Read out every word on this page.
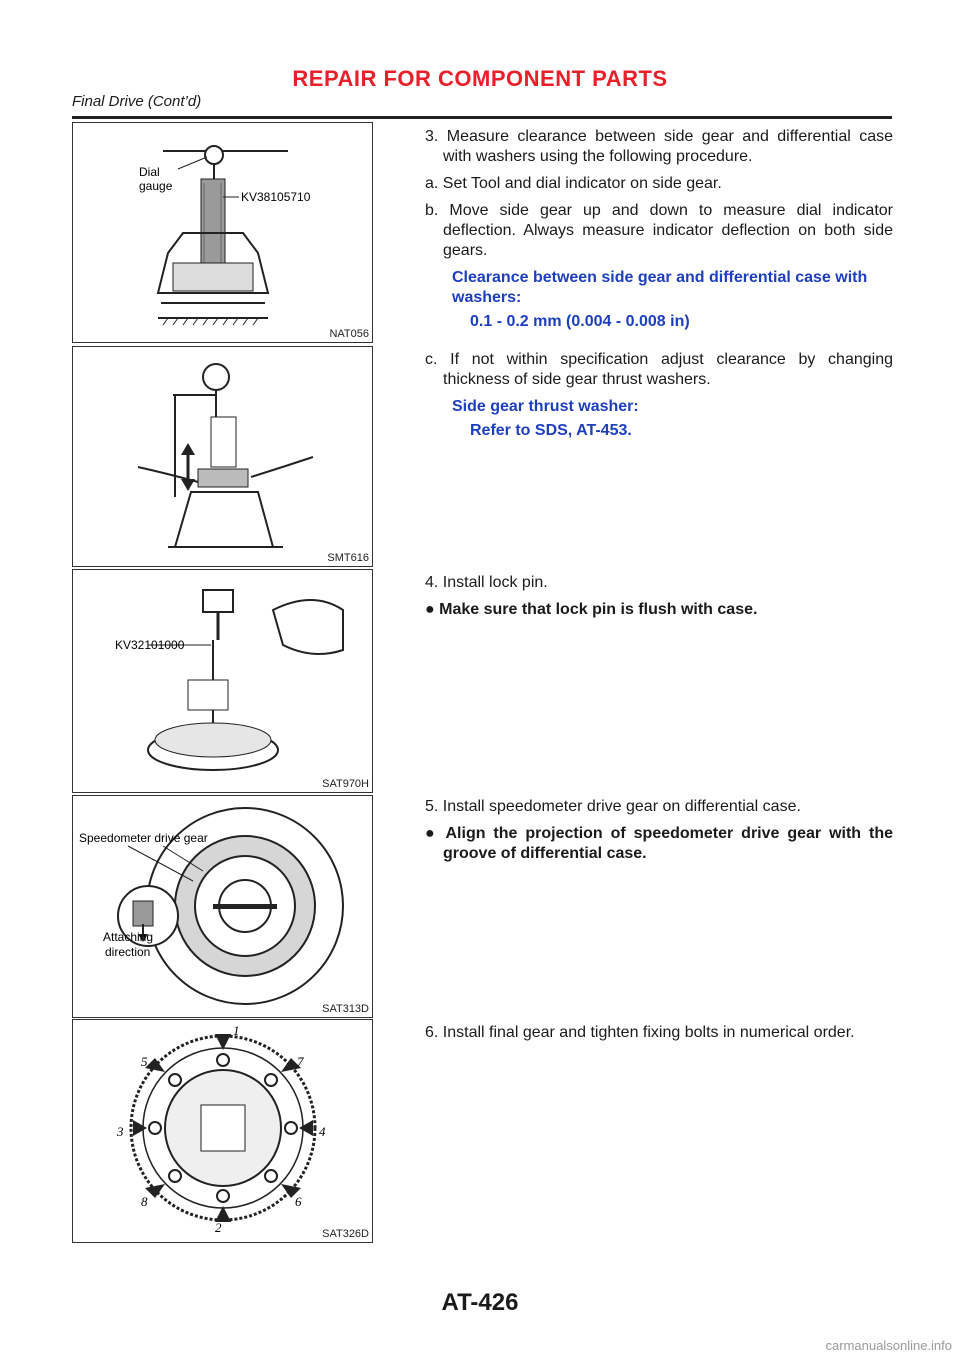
REPAIR FOR COMPONENT PARTS
Final Drive (Cont’d)
Dial
gauge
KV38105710
NAT056
SMT616
KV32101000
SAT970H
Speedometer drive gear
Attaching
direction
SAT313D
1
2
3	4
5
6
7
8
SAT326D

3. Measure clearance between side gear and differential case with washers using the following procedure.

a. Set Tool and dial indicator on side gear.

b. Move side gear up and down to measure dial indicator deflection. Always measure indicator deflection on both side gears.

Clearance between side gear and differential case with washers:

0.1 - 0.2 mm (0.004 - 0.008 in)

c. If not within specification adjust clearance by changing thickness of side gear thrust washers.

Side gear thrust washer:

Refer to SDS, AT-453.

4. Install lock pin.

● Make sure that lock pin is flush with case.

5. Install speedometer drive gear on differential case.

● Align the projection of speedometer drive gear with the groove of differential case.

6. Install final gear and tighten fixing bolts in numerical order.

AT-426
carmanualsonline.info
